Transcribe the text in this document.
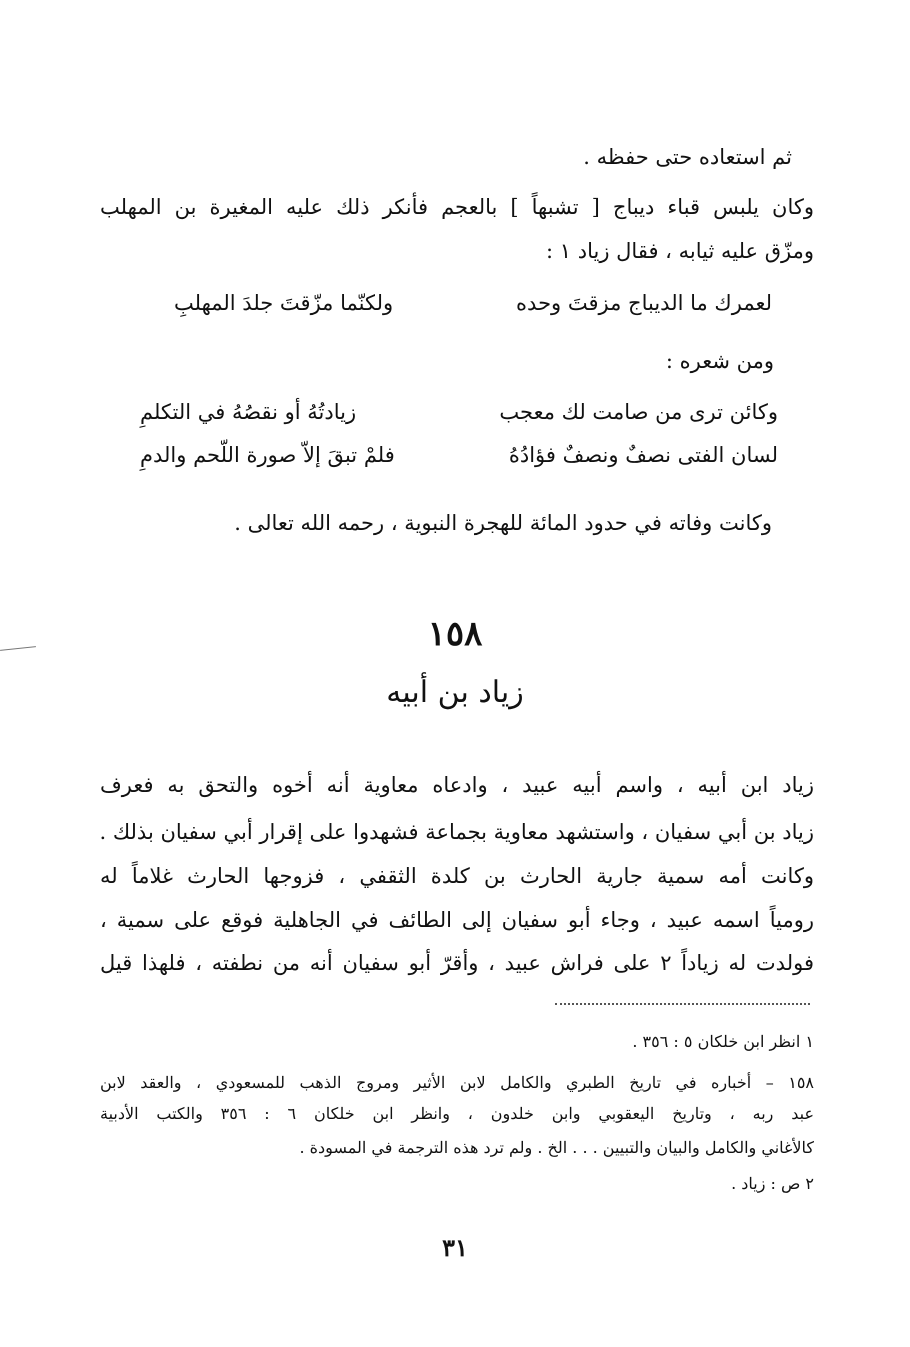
ثم استعاده حتى حفظه .
وكان يلبس قباء ديباج [ تشبهاً ] بالعجم فأنكر ذلك عليه المغيرة بن المهلب
ومزّق عليه ثيابه ، فقال زياد ١ :
لعمرك ما الديباج مزقتَ وحده
ولكنّما مزّقتَ جلدَ المهلبِ
ومن شعره :
وكائن ترى من صامت لك معجب
زيادتُهُ أو نقصُهُ في التكلمِ
لسان الفتى نصفٌ ونصفٌ فؤادُهُ
فلمْ تبقَ إلاّ صورة اللّحم والدمِ
وكانت وفاته في حدود المائة للهجرة النبوية ، رحمه الله تعالى .
١٥٨
زياد بن أبيه
زياد ابن أبيه ، واسم أبيه عبيد ، وادعاه معاوية أنه أخوه والتحق به فعرف
زياد بن أبي سفيان ، واستشهد معاوية بجماعة فشهدوا على إقرار أبي سفيان بذلك .
وكانت أمه سمية جارية الحارث بن كلدة الثقفي ، فزوجها الحارث غلاماً له
رومياً اسمه عبيد ، وجاء أبو سفيان إلى الطائف في الجاهلية فوقع على سمية ،
فولدت له زياداً ٢ على فراش عبيد ، وأقرّ أبو سفيان أنه من نطفته ، فلهذا قيل
١ انظر ابن خلكان ٥ : ٣٥٦ .
١٥٨ – أخباره في تاريخ الطبري والكامل لابن الأثير ومروج الذهب للمسعودي ، والعقد لابن
عبد ربه ، وتاريخ اليعقوبي وابن خلدون ، وانظر ابن خلكان ٦ : ٣٥٦ والكتب الأدبية
كالأغاني والكامل والبيان والتبيين . . . الخ . ولم ترد هذه الترجمة في المسودة .
٢ ص : زياد .
٣١
